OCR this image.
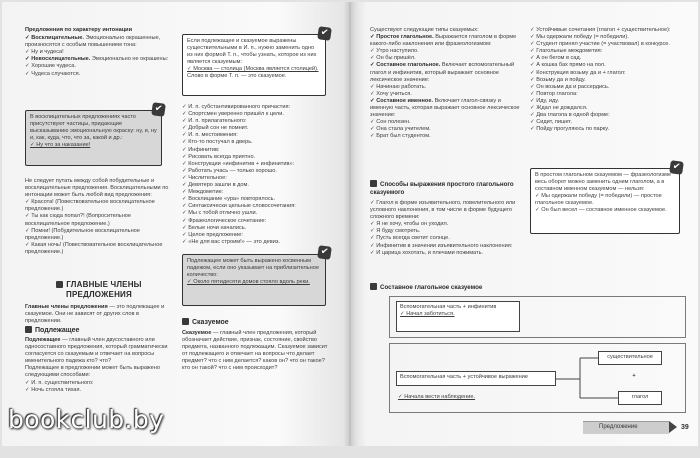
Предложения по характеру интонации
✓ Восклицательные. Эмоционально окрашенные, произносятся с особым повышением тона:
✓ Ну и чудеса!
✓ Невосклицательные. Эмоционально не окрашены:
✓ Хорошие чудеса.
✓ Чудеса случаются.
В восклицательных предложениях часто присутствуют частицы, придающие высказыванию эмоциональную окраску: ну, и, ну и, как, куда, что, что за, какой и др.:
✓ Ну что за наказание!
✔
Не следует путать между собой побудительные и восклицательные предложения. Восклицательными по интонации может быть любой вид предложения:
✓ Красота! (Повествовательное восклицательное предложение.)
✓ Ты как сюда попал?! (Вопросительное восклицательное предложение.)
✓ Помни! (Побудительное восклицательное предложение.)
✓ Какая ночь! (Повествовательное восклицательное предложение.)
ГЛАВНЫЕ ЧЛЕНЫ ПРЕДЛОЖЕНИЯ
Главные члены предложения — это подлежащее и сказуемое. Они не зависят от других слов в предложении.
Подлежащее
Подлежащее — главный член двусоставного или односоставного предложения, который грамматически согласуется со сказуемым и отвечает на вопросы именительного падежа кто? что?
Подлежащее в предложении может быть выражено следующими способами:
✓ И. п. существительного:
✓ Ночь стояла тихая.
Если подлежащее и сказуемое выражены существительными в И. п., нужно заменить одно из них формой Т. п., чтобы узнать, которое из них является сказуемым:
✓ Москва — столица (Москва является столицей).
Слово в форме Т. п. — это сказуемое.
✔
✓ И. п. субстантивированного причастия:
✓ Спортсмен уверенно пришёл к цели.
✓ И. п. прилагательного:
✓ Добрый сон не помнит.
✓ И. п. местоимения:
✓ Кто-то постучал в дверь.
✓ Инфинитив:
✓ Рисовать всегда приятно.
✓ Конструкции «инфинитив + инфинитив»:
✓ Работать учась — только хорошо.
✓ Числительное:
✓ Девятеро зашли в дом.
✓ Междометие:
✓ Восклицание «ура» повторялось.
✓ Синтаксически цельные словосочетания:
✓ Мы с тобой отлично ушли.
✓ Фразеологическое сочетание:
✓ Белые ночи начались.
✓ Целое предложение:
✓ «Не для вас строим!» — это девиз.
Подлежащее может быть выражено косвенным падежом, если оно указывает на приблизительное количество:
✓ Около пятидесяти домов стояло вдоль реки.
✔
Сказуемое
Сказуемое — главный член предложения, который обозначает действие, признак, состояние, свойство предмета, названного подлежащим. Сказуемое зависит от подлежащего и отвечает на вопросы что делает предмет? что с ним делается? каков он? что он такое? кто он такой? что с ним происходит?
Существуют следующие типы сказуемых:
✓ Простое глагольное. Выражается глаголом в форме какого-либо наклонения или фразеологизмом:
✓ Утро наступило.
✓ Он бы пришёл.
✓ Составное глагольное. Включает вспомогательный глагол и инфинитив, который выражает основное лексическое значение:
✓ Начинаю работать.
✓ Хочу учиться.
✓ Составное именное. Включает глагол-связку и именную часть, которая выражает основное лексическое значение:
✓ Сон полезен.
✓ Она стала учителем.
✓ Брат был студентом.
Способы выражения простого глагольного сказуемого
✓ Глагол в форме изъявительного, повелительного или условного наклонения, в том числе в форме будущего сложного времени:
✓ Я не хочу, чтобы он уходил.
✓ Я буду смотреть.
✓ Пусть всегда светит солнце.
✓ Инфинитив в значении изъявительного наклонения:
✓ И царица хохотать, и плечами пожимать.
Составное глагольное сказуемое
Вспомогательная часть + инфинитив
✓ Начал заботиться.
Вспомогательная часть + устойчивое выражение
существительное
+
глагол
✓ Начала вести наблюдение.
✓ Устойчивые сочетания (глагол + существительное):
✓ Мы одержали победу (= победили).
✓ Студент принял участие (= участвовал) в конкурсе.
✓ Глагольные междометия:
✓ А он бегом в сад.
✓ А кошка бах прямо на пол.
✓ Конструкция возьму да и + глагол:
✓ Возьму да и пойду.
✓ Он возьми да и рассердись.
✓ Повтор глагола:
✓ Иду, иду.
✓ Ждал не дождался.
✓ Два глагола в одной форме:
✓ Сидит, пишет.
✓ Пойду прогуляюсь по парку.
В простом глагольном сказуемом — фразеологизме весь оборот можно заменить одним глаголом, а в составном именном сказуемом — нельзя:
✓ Мы одержали победу (= победили) — простое глагольное сказуемое.
✓ Он был весел — составное именное сказуемое.
✔
Предложение	39
bookclub.by
